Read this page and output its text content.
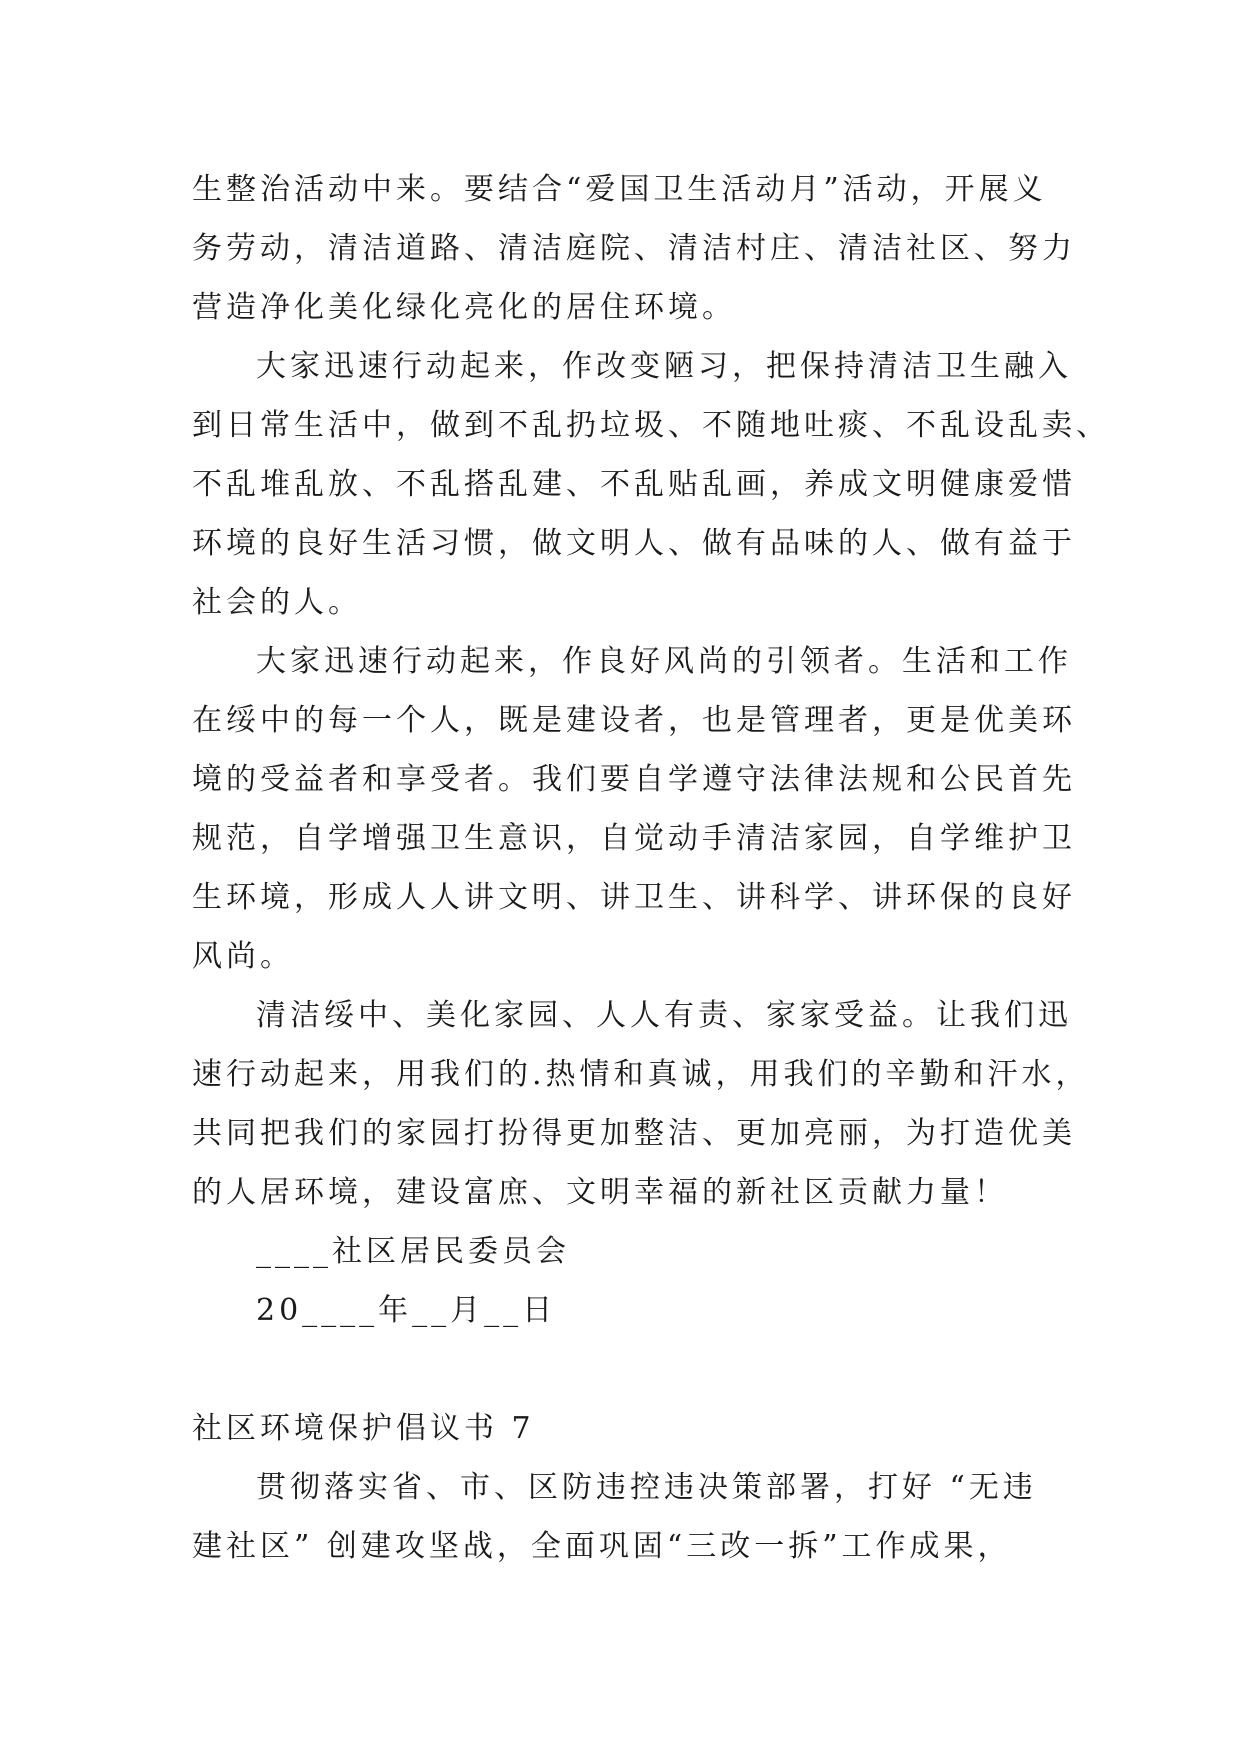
生整治活动中来。要结合“爱国卫生活动月”活动，开展义
务劳动，清洁道路、清洁庭院、清洁村庄、清洁社区、努力
营造净化美化绿化亮化的居住环境。
大家迅速行动起来，作改变陋习，把保持清洁卫生融入
到日常生活中，做到不乱扔垃圾、不随地吐痰、不乱设乱卖、
不乱堆乱放、不乱搭乱建、不乱贴乱画，养成文明健康爱惜
环境的良好生活习惯，做文明人、做有品味的人、做有益于
社会的人。
大家迅速行动起来，作良好风尚的引领者。生活和工作
在绥中的每一个人，既是建设者，也是管理者，更是优美环
境的受益者和享受者。我们要自学遵守法律法规和公民首先
规范，自学增强卫生意识，自觉动手清洁家园，自学维护卫
生环境，形成人人讲文明、讲卫生、讲科学、讲环保的良好
风尚。
清洁绥中、美化家园、人人有责、家家受益。让我们迅
速行动起来，用我们的.热情和真诚，用我们的辛勤和汗水，
共同把我们的家园打扮得更加整洁、更加亮丽，为打造优美
的人居环境，建设富庶、文明幸福的新社区贡献力量！
____社区居民委员会
20____年__月__日
社区环境保护倡议书 7
贯彻落实省、市、区防违控违决策部署，打好 “无违
建社区” 创建攻坚战，全面巩固“三改一拆”工作成果，
